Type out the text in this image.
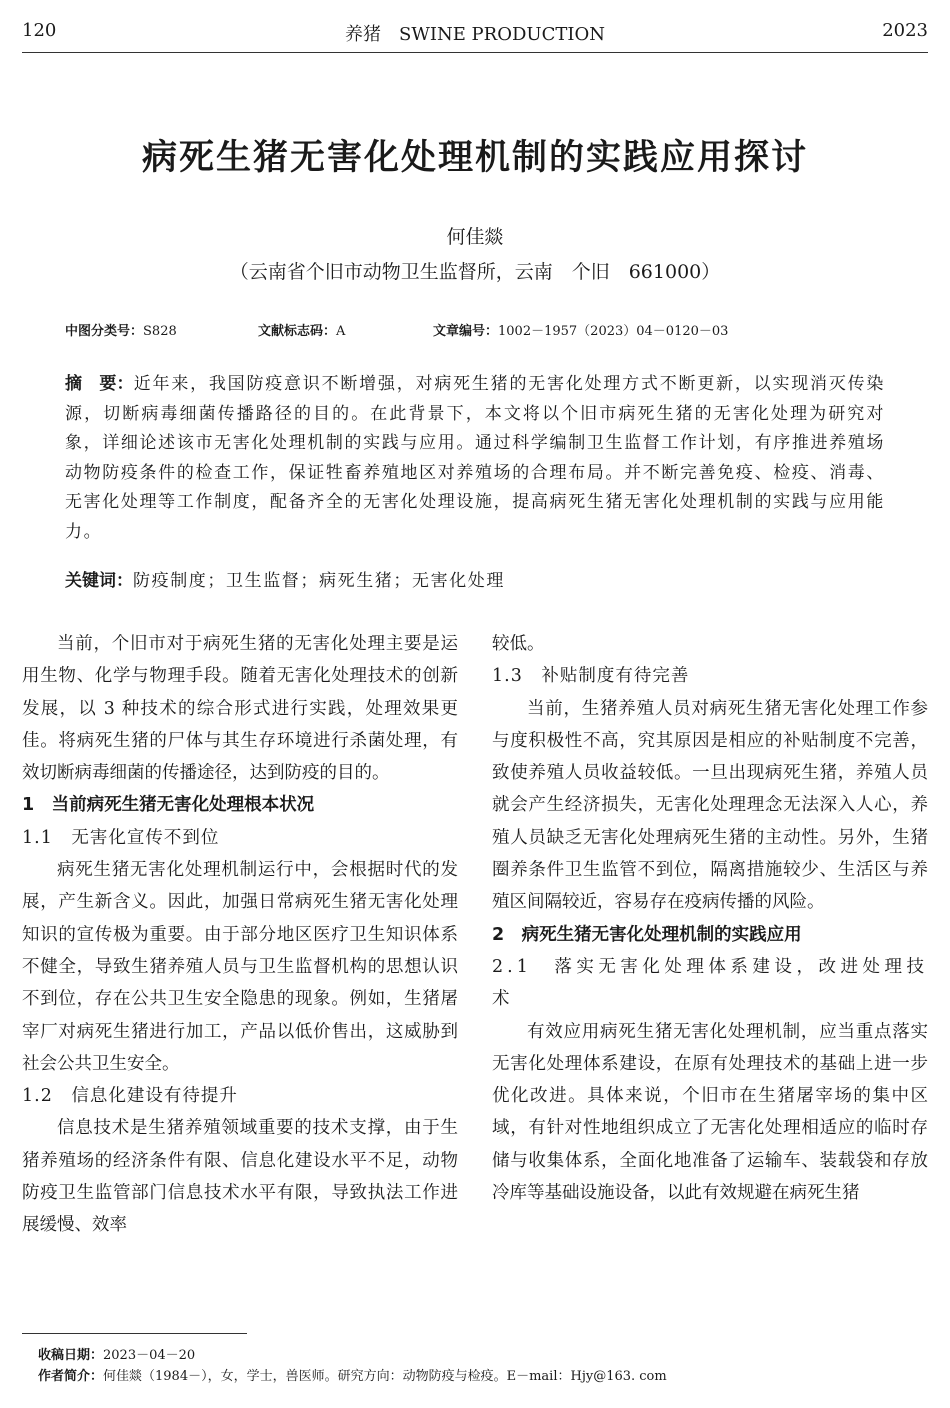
120	养猪　SWINE PRODUCTION	2023
病死生猪无害化处理机制的实践应用探讨
何佳燚
（云南省个旧市动物卫生监督所，云南　个旧　661000）
中图分类号：S828	文献标志码：A	文章编号：1002－1957（2023）04－0120－03
摘　要：近年来，我国防疫意识不断增强，对病死生猪的无害化处理方式不断更新，以实现消灭传染源，切断病毒细菌传播路径的目的。在此背景下，本文将以个旧市病死生猪的无害化处理为研究对象，详细论述该市无害化处理机制的实践与应用。通过科学编制卫生监督工作计划，有序推进养殖场动物防疫条件的检查工作，保证牲畜养殖地区对养殖场的合理布局。并不断完善免疫、检疫、消毒、无害化处理等工作制度，配备齐全的无害化处理设施，提高病死生猪无害化处理机制的实践与应用能力。
关键词：防疫制度；卫生监督；病死生猪；无害化处理

当前，个旧市对于病死生猪的无害化处理主要是运用生物、化学与物理手段。随着无害化处理技术的创新发展，以 3 种技术的综合形式进行实践，处理效果更佳。将病死生猪的尸体与其生存环境进行杀菌处理，有效切断病毒细菌的传播途径，达到防疫的目的。

1　当前病死生猪无害化处理根本状况
1.1　无害化宣传不到位

病死生猪无害化处理机制运行中，会根据时代的发展，产生新含义。因此，加强日常病死生猪无害化处理知识的宣传极为重要。由于部分地区医疗卫生知识体系不健全，导致生猪养殖人员与卫生监督机构的思想认识不到位，存在公共卫生安全隐患的现象。例如，生猪屠宰厂对病死生猪进行加工，产品以低价售出，这威胁到社会公共卫生安全。

1.2　信息化建设有待提升

信息技术是生猪养殖领域重要的技术支撑，由于生猪养殖场的经济条件有限、信息化建设水平不足，动物防疫卫生监管部门信息技术水平有限，导致执法工作进展缓慢、效率

较低。

1.3　补贴制度有待完善

当前，生猪养殖人员对病死生猪无害化处理工作参与度积极性不高，究其原因是相应的补贴制度不完善，致使养殖人员收益较低。一旦出现病死生猪，养殖人员就会产生经济损失，无害化处理理念无法深入人心，养殖人员缺乏无害化处理病死生猪的主动性。另外，生猪圈养条件卫生监管不到位，隔离措施较少、生活区与养殖区间隔较近，容易存在疫病传播的风险。

2　病死生猪无害化处理机制的实践应用
2.1　落实无害化处理体系建设，改进处理技术

有效应用病死生猪无害化处理机制，应当重点落实无害化处理体系建设，在原有处理技术的基础上进一步优化改进。具体来说，个旧市在生猪屠宰场的集中区域，有针对性地组织成立了无害化处理相适应的临时存储与收集体系，全面化地准备了运输车、装载袋和存放冷库等基础设施设备，以此有效规避在病死生猪

收稿日期：2023－04－20
作者简介：何佳燚（1984－），女，学士，兽医师。研究方向：动物防疫与检疫。E－mail：Hjy@163. com
